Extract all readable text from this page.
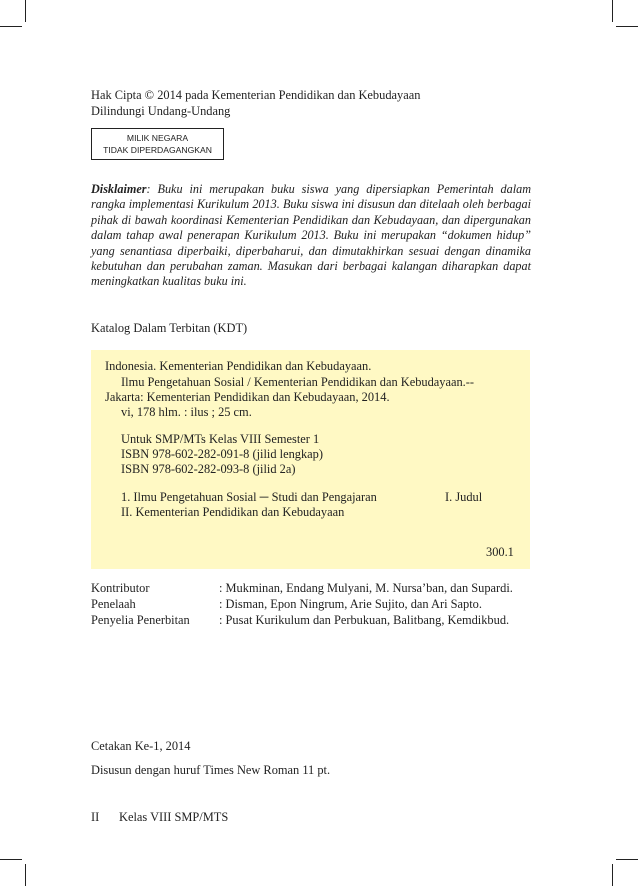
Hak Cipta © 2014 pada Kementerian Pendidikan dan Kebudayaan
Dilindungi Undang-Undang
MILIK NEGARA
TIDAK DIPERDAGANGKAN
Disklaimer: Buku ini merupakan buku siswa yang dipersiapkan Pemerintah dalam rangka implementasi Kurikulum 2013. Buku siswa ini disusun dan ditelaah oleh berbagai pihak di bawah koordinasi Kementerian Pendidikan dan Kebudayaan, dan dipergunakan dalam tahap awal penerapan Kurikulum 2013. Buku ini merupakan “dokumen hidup” yang senantiasa diperbaiki, diperbaharui, dan dimutakhirkan sesuai dengan dinamika kebutuhan dan perubahan zaman. Masukan dari berbagai kalangan diharapkan dapat meningkatkan kualitas buku ini.
Katalog Dalam Terbitan (KDT)
Indonesia. Kementerian Pendidikan dan Kebudayaan.
Ilmu Pengetahuan Sosial / Kementerian Pendidikan dan Kebudayaan.--
Jakarta: Kementerian Pendidikan dan Kebudayaan, 2014.
vi, 178 hlm. : ilus ; 25 cm.
Untuk SMP/MTs Kelas VIII Semester 1
ISBN 978-602-282-091-8 (jilid lengkap)
ISBN 978-602-282-093-8 (jilid 2a)
1. Ilmu Pengetahuan Sosial ─ Studi dan Pengajaran	I. Judul
II. Kementerian Pendidikan dan Kebudayaan
300.1
Kontributor	: Mukminan, Endang Mulyani, M. Nursa’ban, dan Supardi.
Penelaah	: Disman, Epon Ningrum, Arie Sujito, dan Ari Sapto.
Penyelia Penerbitan : Pusat Kurikulum dan Perbukuan, Balitbang, Kemdikbud.
Cetakan Ke-1, 2014
Disusun dengan huruf Times New Roman 11 pt.
II Kelas VIII SMP/MTS
